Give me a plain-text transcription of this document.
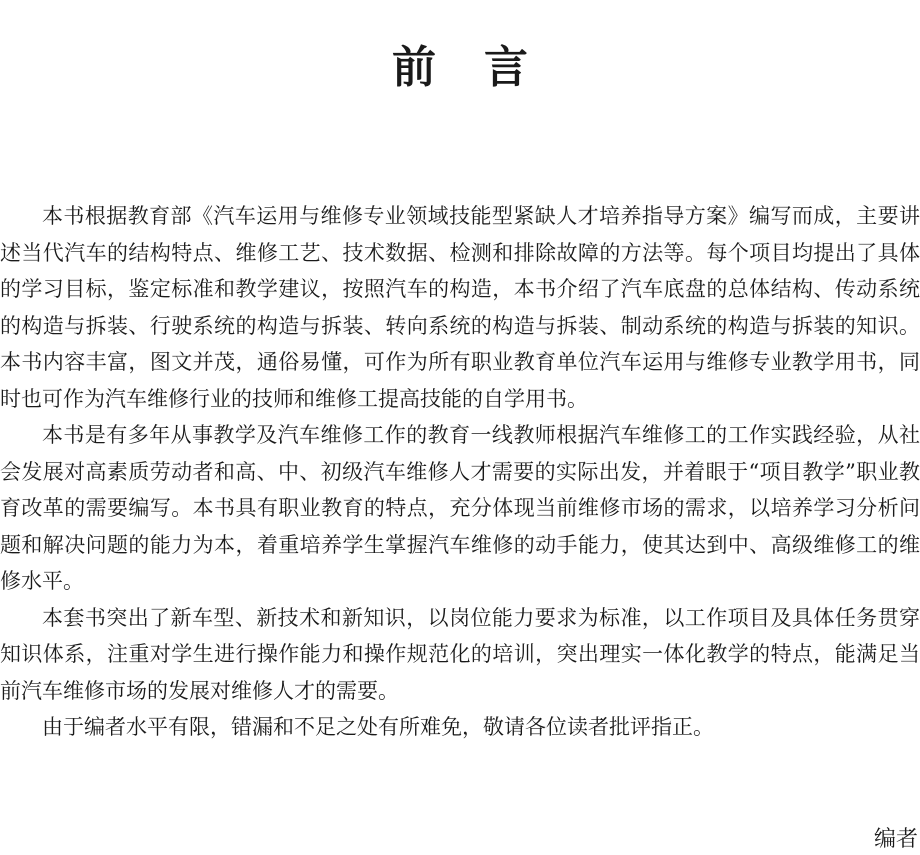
前 言

本书根据教育部《汽车运用与维修专业领域技能型紧缺人才培养指导方案》编写而成，主要讲述当代汽车的结构特点、维修工艺、技术数据、检测和排除故障的方法等。每个项目均提出了具体的学习目标，鉴定标准和教学建议，按照汽车的构造，本书介绍了汽车底盘的总体结构、传动系统的构造与拆装、行驶系统的构造与拆装、转向系统的构造与拆装、制动系统的构造与拆装的知识。本书内容丰富，图文并茂，通俗易懂，可作为所有职业教育单位汽车运用与维修专业教学用书，同时也可作为汽车维修行业的技师和维修工提高技能的自学用书。

本书是有多年从事教学及汽车维修工作的教育一线教师根据汽车维修工的工作实践经验，从社会发展对高素质劳动者和高、中、初级汽车维修人才需要的实际出发，并着眼于“项目教学”职业教育改革的需要编写。本书具有职业教育的特点，充分体现当前维修市场的需求，以培养学习分析问题和解决问题的能力为本，着重培养学生掌握汽车维修的动手能力，使其达到中、高级维修工的维修水平。

本套书突出了新车型、新技术和新知识，以岗位能力要求为标准，以工作项目及具体任务贯穿知识体系，注重对学生进行操作能力和操作规范化的培训，突出理实一体化教学的特点，能满足当前汽车维修市场的发展对维修人才的需要。

由于编者水平有限，错漏和不足之处有所难免，敬请各位读者批评指正。

编者
